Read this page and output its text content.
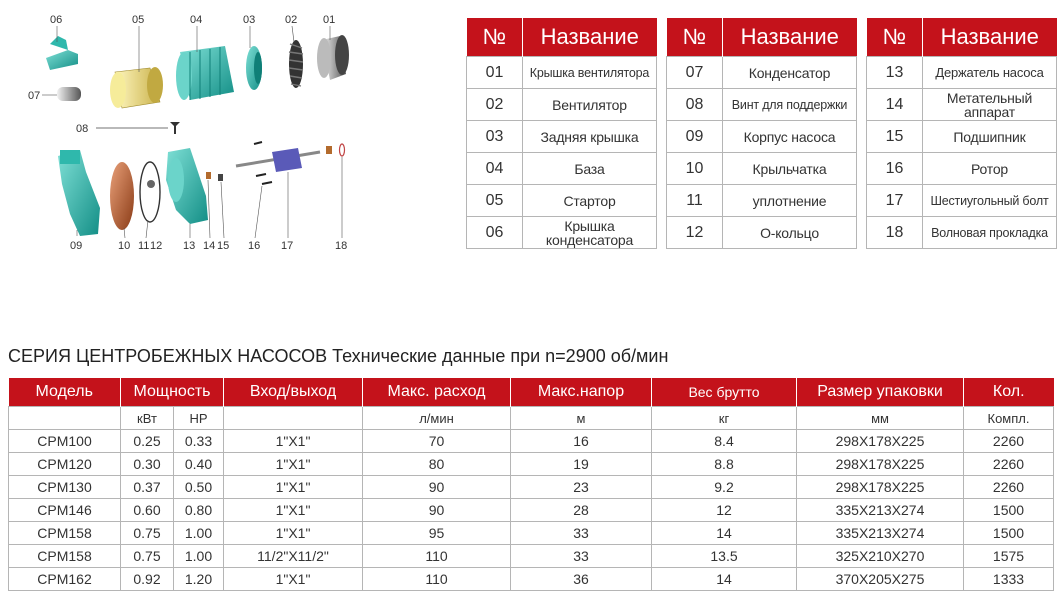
06	05	04	03	02 01
07
08
09	10 11 12 13 14 15 16 17	18
№	Название
01	Крышка вентилятора
02	Вентилятор
03	Задняя крышка
04	База
05	Стартор
06	Крышка конденсатора
№	Название
07	Конденсатор
08	Винт для поддержки
09	Корпус насоса
10	Крыльчатка
11	уплотнение
12	О-кольцо
№	Название
13	Держатель насоса
14	Метательный аппарат
15	Подшипник
16	Ротор
17	Шестиугольный болт
18	Волновая прокладка
СЕРИЯ ЦЕНТРОБЕЖНЫХ НАСОСОВ Технические данные при n=2900 об/мин
Модель	Мощность		Вход/выход	Макс. расход	Макс.напор	Вес брутто	Размер упаковки	Кол.
	кВт	HP		л/мин	м	кг	мм	Компл.
CPM100	0.25	0.33	1"X1"	70	16	8.4	298X178X225	2260
CPM120	0.30	0.40	1"X1"	80	19	8.8	298X178X225	2260
CPM130	0.37	0.50	1"X1"	90	23	9.2	298X178X225	2260
CPM146	0.60	0.80	1"X1"	90	28	12	335X213X274	1500
CPM158	0.75	1.00	1"X1"	95	33	14	335X213X274	1500
CPM158	0.75	1.00	11/2"X11/2"	110	33	13.5	325X210X270	1575
CPM162	0.92	1.20	1"X1"	110	36	14	370X205X275	1333
